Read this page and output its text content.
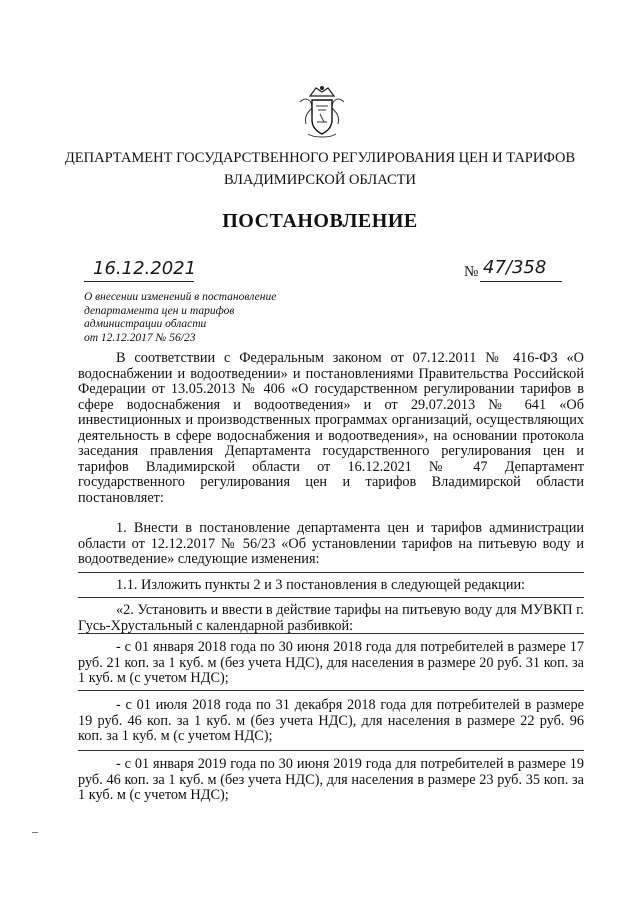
ДЕПАРТАМЕНТ ГОСУДАРСТВЕННОГО РЕГУЛИРОВАНИЯ ЦЕН И ТАРИФОВ
ВЛАДИМИРСКОЙ ОБЛАСТИ
ПОСТАНОВЛЕНИЕ
16.12.2021	№ 47/358
О внесении изменений в постановление
департамента цен и тарифов
администрации области
от 12.12.2017 № 56/23
В соответствии с Федеральным законом от 07.12.2011 № 416-ФЗ «О водоснабжении и водоотведении» и постановлениями Правительства Российской Федерации от 13.05.2013 № 406 «О государственном регулировании тарифов в сфере водоснабжения и водоотведения» и от 29.07.2013 № 641 «Об инвестиционных и производственных программах организаций, осуществляющих деятельность в сфере водоснабжения и водоотведения», на основании протокола заседания правления Департамента государственного регулирования цен и тарифов Владимирской области от 16.12.2021 № 47 Департамент государственного регулирования цен и тарифов Владимирской области постановляет:
1. Внести в постановление департамента цен и тарифов администрации области от 12.12.2017 № 56/23 «Об установлении тарифов на питьевую воду и водоотведение» следующие изменения:
1.1. Изложить пункты 2 и 3 постановления в следующей редакции:
«2. Установить и ввести в действие тарифы на питьевую воду для МУВКП г. Гусь-Хрустальный с календарной разбивкой:
- с 01 января 2018 года по 30 июня 2018 года для потребителей в размере 17 руб. 21 коп. за 1 куб. м (без учета НДС), для населения в размере 20 руб. 31 коп. за 1 куб. м (с учетом НДС);
- с 01 июля 2018 года по 31 декабря 2018 года для потребителей в размере 19 руб. 46 коп. за 1 куб. м (без учета НДС), для населения в размере 22 руб. 96 коп. за 1 куб. м (с учетом НДС);
- с 01 января 2019 года по 30 июня 2019 года для потребителей в размере 19 руб. 46 коп. за 1 куб. м (без учета НДС), для населения в размере 23 руб. 35 коп. за 1 куб. м (с учетом НДС);
